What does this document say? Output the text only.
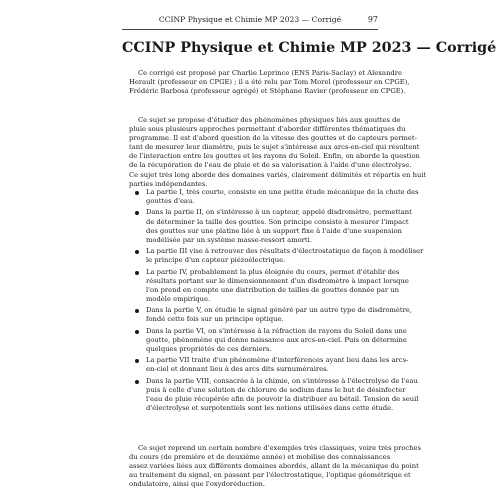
CCINP Physique et Chimie MP 2023 — Corrigé	97
CCINP Physique et Chimie MP 2023 — Corrigé
Ce corrigé est proposé par Charlie Leprince (ENS Paris-Saclay) et Alexandre
Herault (professeur en CPGE) ; il a été relu par Tom Morel (professeur en CPGE),
Frédéric Barbosa (professeur agrégé) et Stéphane Ravier (professeur en CPGE).
Ce sujet se propose d'étudier des phénomènes physiques liés aux gouttes de
pluie sous plusieurs approches permettant d'aborder différentes thématiques du
programme. Il est d'abord question de la vitesse des gouttes et de capteurs permet-
tant de mesurer leur diamètre, puis le sujet s'intéresse aux arcs-en-ciel qui résultent
de l'interaction entre les gouttes et les rayons du Soleil. Enfin, on aborde la question
de la récupération de l'eau de pluie et de sa valorisation à l'aide d'une électrolyse.
Ce sujet très long aborde des domaines variés, clairement délimités et répartis en huit
parties indépendantes.
La partie I, très courte, consiste en une petite étude mécanique de la chute des
gouttes d'eau.
Dans la partie II, on s'intéresse à un capteur, appelé disdromètre, permettant
de déterminer la taille des gouttes. Son principe consiste à mesurer l'impact
des gouttes sur une platine liée à un support fixe à l'aide d'une suspension
modélisée par un système masse-ressort amorti.
La partie III vise à retrouver des résultats d'électrostatique de façon à modéliser
le principe d'un capteur piézoélectrique.
La partie IV, probablement la plus éloignée du cours, permet d'établir des
résultats portant sur le dimensionnement d'un disdromètre à impact lorsque
l'on prend en compte une distribution de tailles de gouttes donnée par un
modèle empirique.
Dans la partie V, on étudie le signal généré par un autre type de disdromètre,
fondé cette fois sur un principe optique.
Dans la partie VI, on s'intéresse à la réfraction de rayons du Soleil dans une
goutte, phénomène qui donne naissance aux arcs-en-ciel. Puis on détermine
quelques propriétés de ces derniers.
La partie VII traite d'un phénomène d'interférences ayant lieu dans les arcs-
en-ciel et donnant lieu à des arcs dits surnuméraires.
Dans la partie VIII, consacrée à la chimie, on s'intéresse à l'électrolyse de l'eau
puis à celle d'une solution de chlorure de sodium dans le but de désinfecter
l'eau de pluie récupérée afin de pouvoir la distribuer au bétail. Tension de seuil
d'électrolyse et surpotentiels sont les notions utilisées dans cette étude.
Ce sujet reprend un certain nombre d'exemples très classiques, voire très proches
du cours (de première et de deuxième année) et mobilise des connaissances
assez variées liées aux différents domaines abordés, allant de la mécanique du point
au traitement du signal, en passant par l'électrostatique, l'optique géométrique et
ondulatoire, ainsi que l'oxydoréduction.
